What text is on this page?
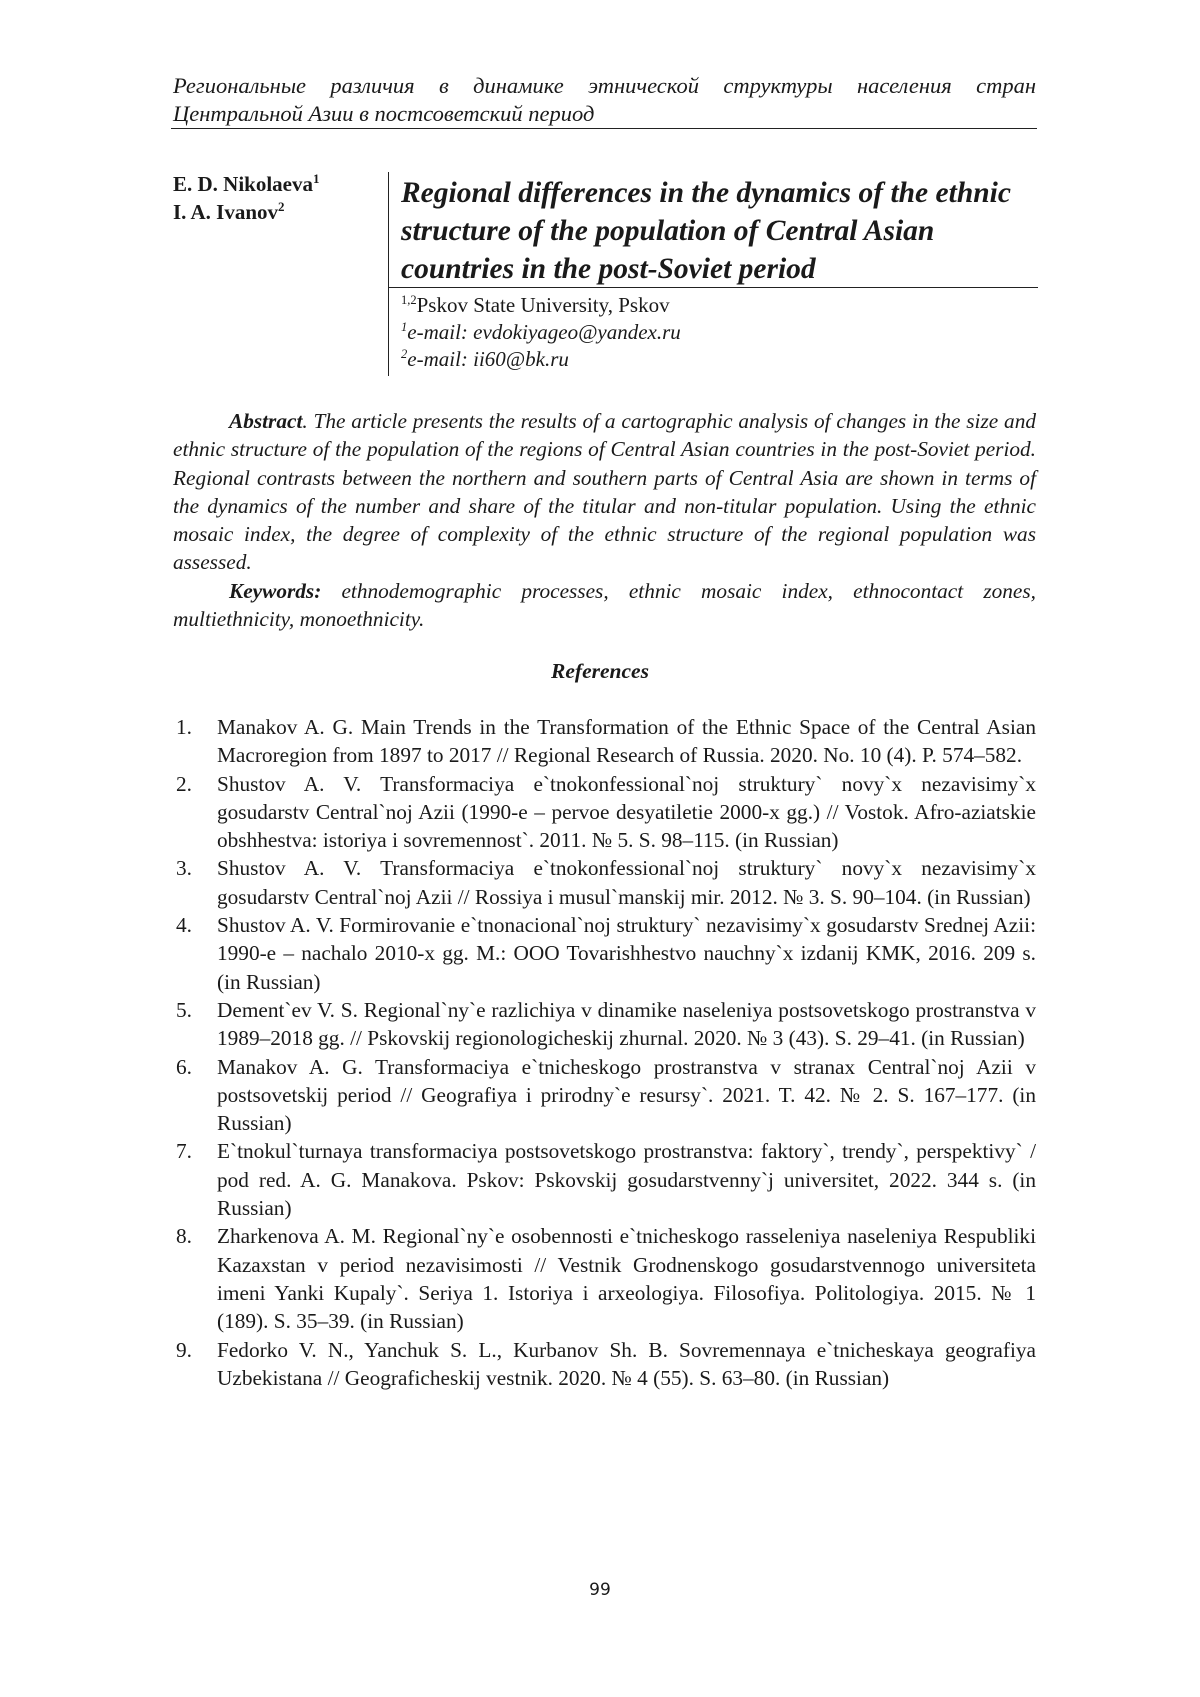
Региональные различия в динамике этнической структуры населения стран
Центральной Азии в постсоветский период
E. D. Nikolaeva$^1$
I. A. Ivanov$^2$	Regional differences in the dynamics of the ethnic structure of the population of Central Asian countries in the post-Soviet period
$^{1,2}$Pskov State University, Pskov
$^1$e-mail: evdokiyageo@yandex.ru
$^2$e-mail: ii60@bk.ru

Abstract. The article presents the results of a cartographic analysis of changes in the size and ethnic structure of the population of the regions of Central Asian countries in the post-Soviet period. Regional contrasts between the northern and southern parts of Central Asia are shown in terms of the dynamics of the number and share of the titular and non-titular population. Using the ethnic mosaic index, the degree of complexity of the ethnic structure of the regional population was assessed.

Keywords: ethnodemographic processes, ethnic mosaic index, ethnocontact zones, multiethnicity, monoethnicity.

References
1. Manakov A. G. Main Trends in the Transformation of the Ethnic Space of the Central Asian Macroregion from 1897 to 2017 // Regional Research of Russia. 2020. No. 10 (4). P. 574–582.
2. Shustov A. V. Transformaciya e`tnokonfessional`noj struktury` novy`x nezavisimy`x gosudarstv Central`noj Azii (1990-e – pervoe desyatiletie 2000-x gg.) // Vostok. Afro-aziatskie obshhestva: istoriya i sovremennost`. 2011. № 5. S. 98–115. (in Russian)
3. Shustov A. V. Transformaciya e`tnokonfessional`noj struktury` novy`x nezavisimy`x gosudarstv Central`noj Azii // Rossiya i musul`manskij mir. 2012. № 3. S. 90–104. (in Russian)
4. Shustov A. V. Formirovanie e`tnonacional`noj struktury` nezavisimy`x gosudarstv Srednej Azii: 1990-e – nachalo 2010-x gg. M.: OOO Tovarishhestvo nauchny`x izdanij KMK, 2016. 209 s. (in Russian)
5. Dement`ev V. S. Regional`ny`e razlichiya v dinamike naseleniya postsovetskogo prostranstva v 1989–2018 gg. // Pskovskij regionologicheskij zhurnal. 2020. № 3 (43). S. 29–41. (in Russian)
6. Manakov A. G. Transformaciya e`tnicheskogo prostranstva v stranax Central`noj Azii v postsovetskij period // Geografiya i prirodny`e resursy`. 2021. T. 42. № 2. S. 167–177. (in Russian)
7. E`tnokul`turnaya transformaciya postsovetskogo prostranstva: faktory`, trendy`, perspektivy` / pod red. A. G. Manakova. Pskov: Pskovskij gosudarstvenny`j universitet, 2022. 344 s. (in Russian)
8. Zharkenova A. M. Regional`ny`e osobennosti e`tnicheskogo rasseleniya naseleniya Respubliki Kazaxstan v period nezavisimosti // Vestnik Grodnenskogo gosudarstvennogo universiteta imeni Yanki Kupaly`. Seriya 1. Istoriya i arxeologiya. Filosofiya. Politologiya. 2015. № 1 (189). S. 35–39. (in Russian)
9. Fedorko V. N., Yanchuk S. L., Kurbanov Sh. B. Sovremennaya e`tnicheskaya geografiya Uzbekistana // Geograficheskij vestnik. 2020. № 4 (55). S. 63–80. (in Russian)
99
